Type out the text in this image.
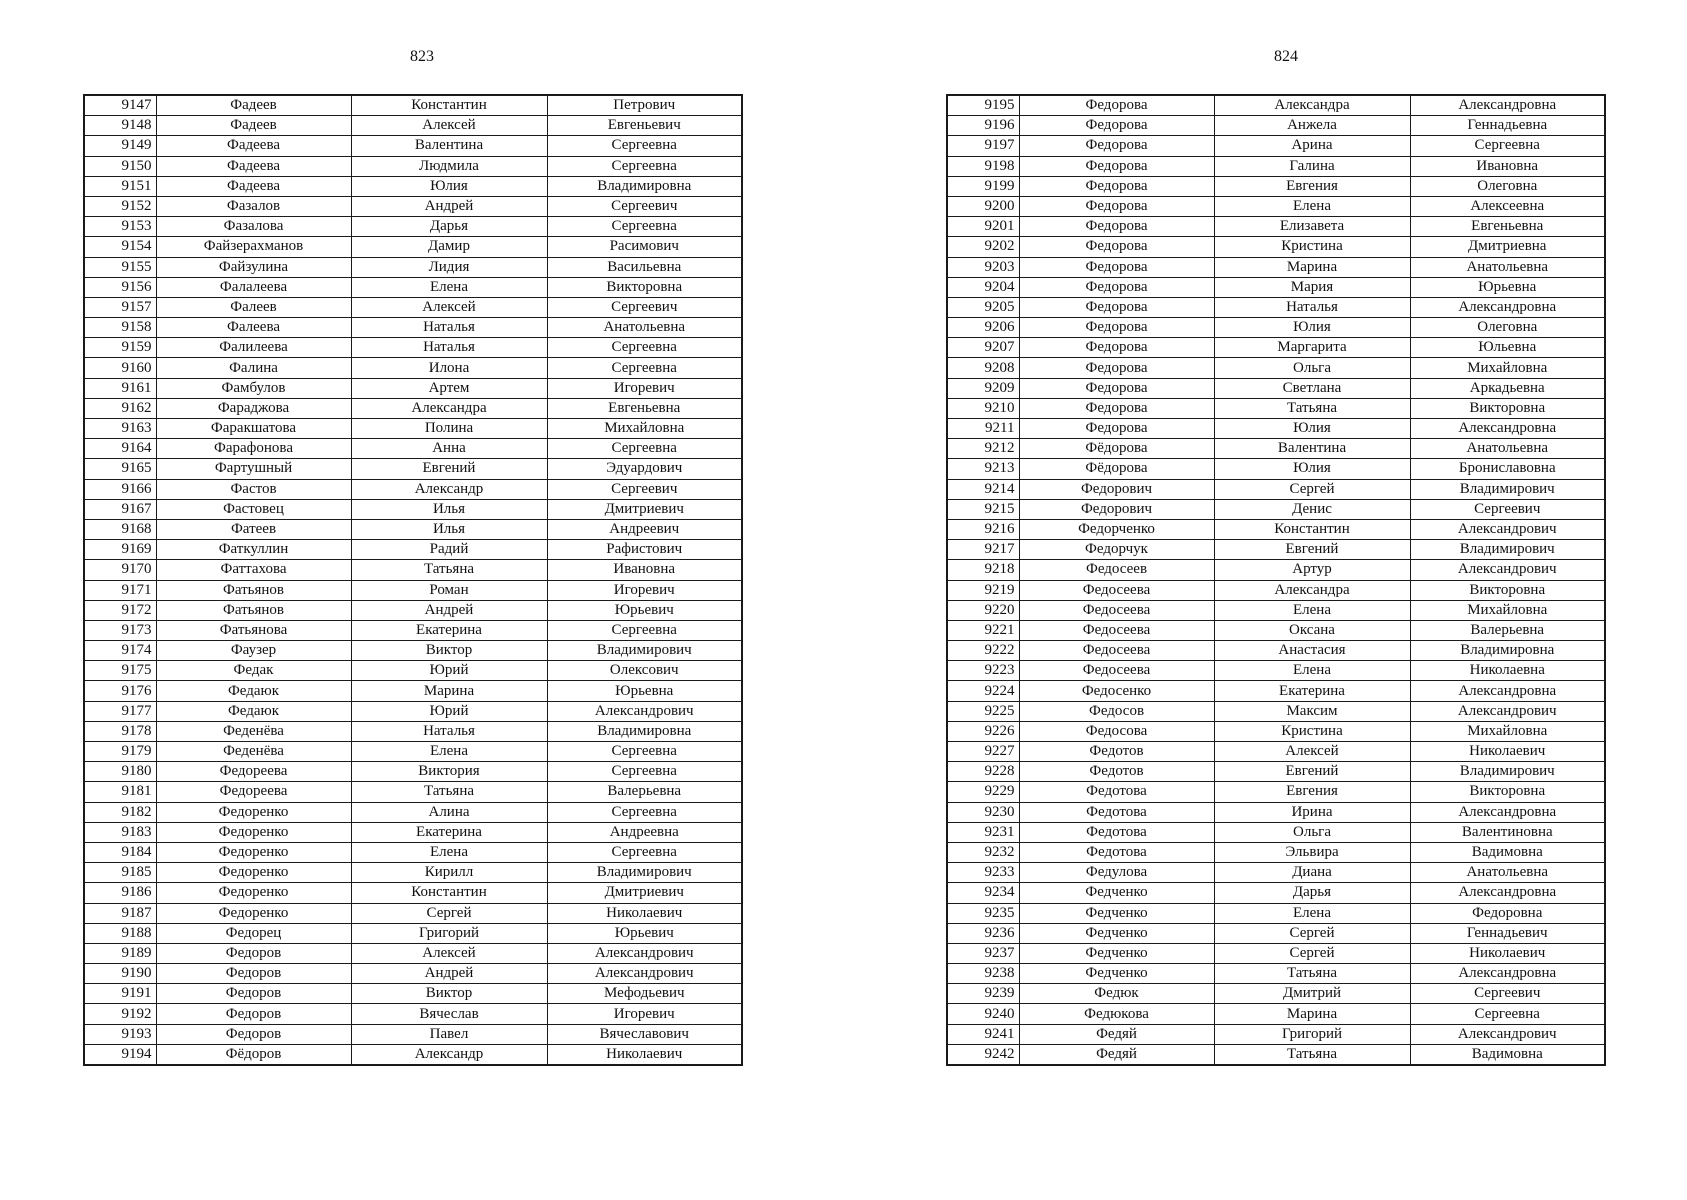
823	824
9147	Фадеев	Константин	Петрович
9148	Фадеев	Алексей	Евгеньевич
9149	Фадеева	Валентина	Сергеевна
9150	Фадеева	Людмила	Сергеевна
9151	Фадеева	Юлия	Владимировна
9152	Фазалов	Андрей	Сергеевич
9153	Фазалова	Дарья	Сергеевна
9154	Файзерахманов	Дамир	Расимович
9155	Файзулина	Лидия	Васильевна
9156	Фалалеева	Елена	Викторовна
9157	Фалеев	Алексей	Сергеевич
9158	Фалеева	Наталья	Анатольевна
9159	Фалилеева	Наталья	Сергеевна
9160	Фалина	Илона	Сергеевна
9161	Фамбулов	Артем	Игоревич
9162	Фараджова	Александра	Евгеньевна
9163	Фаракшатова	Полина	Михайловна
9164	Фарафонова	Анна	Сергеевна
9165	Фартушный	Евгений	Эдуардович
9166	Фастов	Александр	Сергеевич
9167	Фастовец	Илья	Дмитриевич
9168	Фатеев	Илья	Андреевич
9169	Фаткуллин	Радий	Рафистович
9170	Фаттахова	Татьяна	Ивановна
9171	Фатьянов	Роман	Игоревич
9172	Фатьянов	Андрей	Юрьевич
9173	Фатьянова	Екатерина	Сергеевна
9174	Фаузер	Виктор	Владимирович
9175	Федак	Юрий	Олексович
9176	Федаюк	Марина	Юрьевна
9177	Федаюк	Юрий	Александрович
9178	Феденёва	Наталья	Владимировна
9179	Феденёва	Елена	Сергеевна
9180	Федореева	Виктория	Сергеевна
9181	Федореева	Татьяна	Валерьевна
9182	Федоренко	Алина	Сергеевна
9183	Федоренко	Екатерина	Андреевна
9184	Федоренко	Елена	Сергеевна
9185	Федоренко	Кирилл	Владимирович
9186	Федоренко	Константин	Дмитриевич
9187	Федоренко	Сергей	Николаевич
9188	Федорец	Григорий	Юрьевич
9189	Федоров	Алексей	Александрович
9190	Федоров	Андрей	Александрович
9191	Федоров	Виктор	Мефодьевич
9192	Федоров	Вячеслав	Игоревич
9193	Федоров	Павел	Вячеславович
9194	Фёдоров	Александр	Николаевич
9195	Федорова	Александра	Александровна
9196	Федорова	Анжела	Геннадьевна
9197	Федорова	Арина	Сергеевна
9198	Федорова	Галина	Ивановна
9199	Федорова	Евгения	Олеговна
9200	Федорова	Елена	Алексеевна
9201	Федорова	Елизавета	Евгеньевна
9202	Федорова	Кристина	Дмитриевна
9203	Федорова	Марина	Анатольевна
9204	Федорова	Мария	Юрьевна
9205	Федорова	Наталья	Александровна
9206	Федорова	Юлия	Олеговна
9207	Федорова	Маргарита	Юльевна
9208	Федорова	Ольга	Михайловна
9209	Федорова	Светлана	Аркадьевна
9210	Федорова	Татьяна	Викторовна
9211	Федорова	Юлия	Александровна
9212	Фёдорова	Валентина	Анатольевна
9213	Фёдорова	Юлия	Брониславовна
9214	Федорович	Сергей	Владимирович
9215	Федорович	Денис	Сергеевич
9216	Федорченко	Константин	Александрович
9217	Федорчук	Евгений	Владимирович
9218	Федосеев	Артур	Александрович
9219	Федосеева	Александра	Викторовна
9220	Федосеева	Елена	Михайловна
9221	Федосеева	Оксана	Валерьевна
9222	Федосеева	Анастасия	Владимировна
9223	Федосеева	Елена	Николаевна
9224	Федосенко	Екатерина	Александровна
9225	Федосов	Максим	Александрович
9226	Федосова	Кристина	Михайловна
9227	Федотов	Алексей	Николаевич
9228	Федотов	Евгений	Владимирович
9229	Федотова	Евгения	Викторовна
9230	Федотова	Ирина	Александровна
9231	Федотова	Ольга	Валентиновна
9232	Федотова	Эльвира	Вадимовна
9233	Федулова	Диана	Анатольевна
9234	Федченко	Дарья	Александровна
9235	Федченко	Елена	Федоровна
9236	Федченко	Сергей	Геннадьевич
9237	Федченко	Сергей	Николаевич
9238	Федченко	Татьяна	Александровна
9239	Федюк	Дмитрий	Сергеевич
9240	Федюкова	Марина	Сергеевна
9241	Федяй	Григорий	Александрович
9242	Федяй	Татьяна	Вадимовна
